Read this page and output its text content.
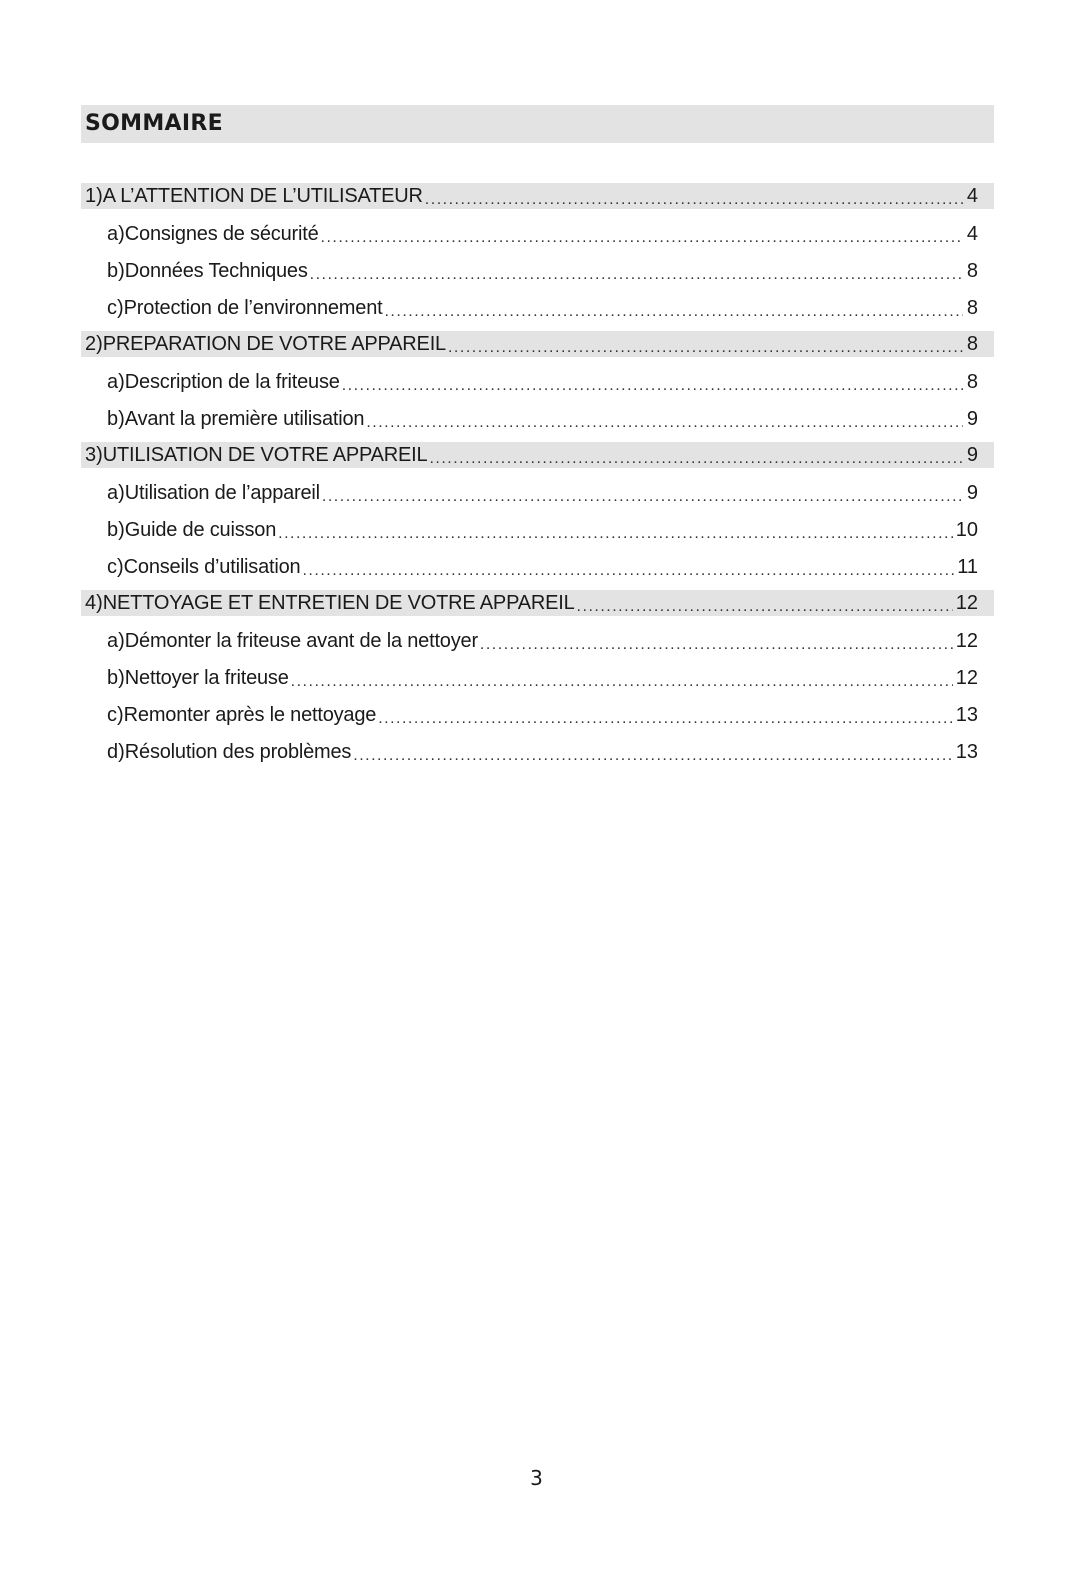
SOMMAIRE
1) A L’ATTENTION DE L’UTILISATEUR .....	4
a) Consignes de sécurité .....	4
b) Données Techniques .....	8
c) Protection de l’environnement .....	8
2) PREPARATION DE VOTRE APPAREIL .....	8
a) Description de la friteuse .....	8
b) Avant la première utilisation .....	9
3) UTILISATION DE VOTRE APPAREIL .....	9
a) Utilisation de l’appareil .....	9
b) Guide de cuisson .....	10
c) Conseils d’utilisation .....	11
4) NETTOYAGE ET ENTRETIEN DE VOTRE APPAREIL .....	12
a) Démonter la friteuse avant de la nettoyer .....	12
b) Nettoyer la friteuse .....	12
c) Remonter après le nettoyage .....	13
d) Résolution des problèmes .....	13
3
